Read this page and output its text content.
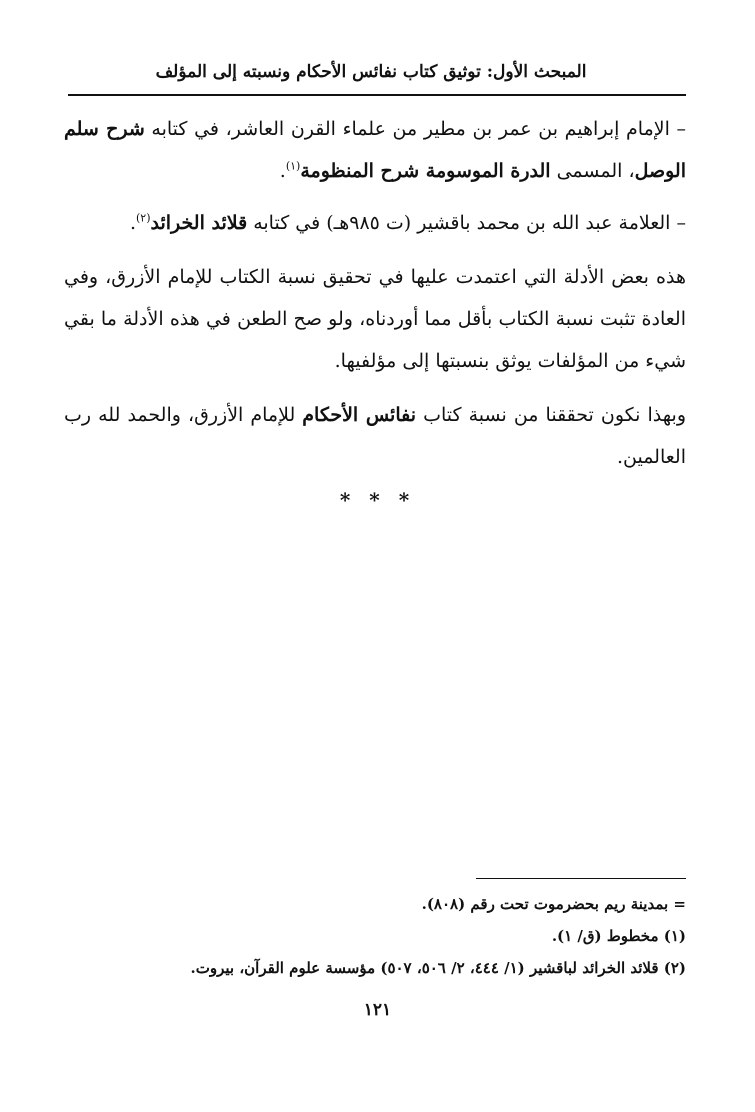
المبحث الأول: توثيق كتاب نفائس الأحكام ونسبته إلى المؤلف

– الإمام إبراهيم بن عمر بن مطير من علماء القرن العاشر، في كتابه شرح سلم الوصل، المسمى الدرة الموسومة شرح المنظومة$^{(١)}$.

– العلامة عبد الله بن محمد باقشير (ت ٩٨٥هـ) في كتابه قلائد الخرائد$^{(٢)}$.

هذه بعض الأدلة التي اعتمدت عليها في تحقيق نسبة الكتاب للإمام الأزرق، وفي العادة تثبت نسبة الكتاب بأقل مما أوردناه، ولو صح الطعن في هذه الأدلة ما بقي شيء من المؤلفات يوثق بنسبتها إلى مؤلفيها.

وبهذا نكون تحققنا من نسبة كتاب نفائس الأحكام للإمام الأزرق، والحمد لله رب العالمين.

* * *

= بمدينة ريم بحضرموت تحت رقم (٨٠٨).

(١) مخطوط (ق/ ١).

(٢) قلائد الخرائد لباقشير (١/ ٤٤٤، ٢/ ٥٠٦، ٥٠٧) مؤسسة علوم القرآن، بيروت.

١٢١
